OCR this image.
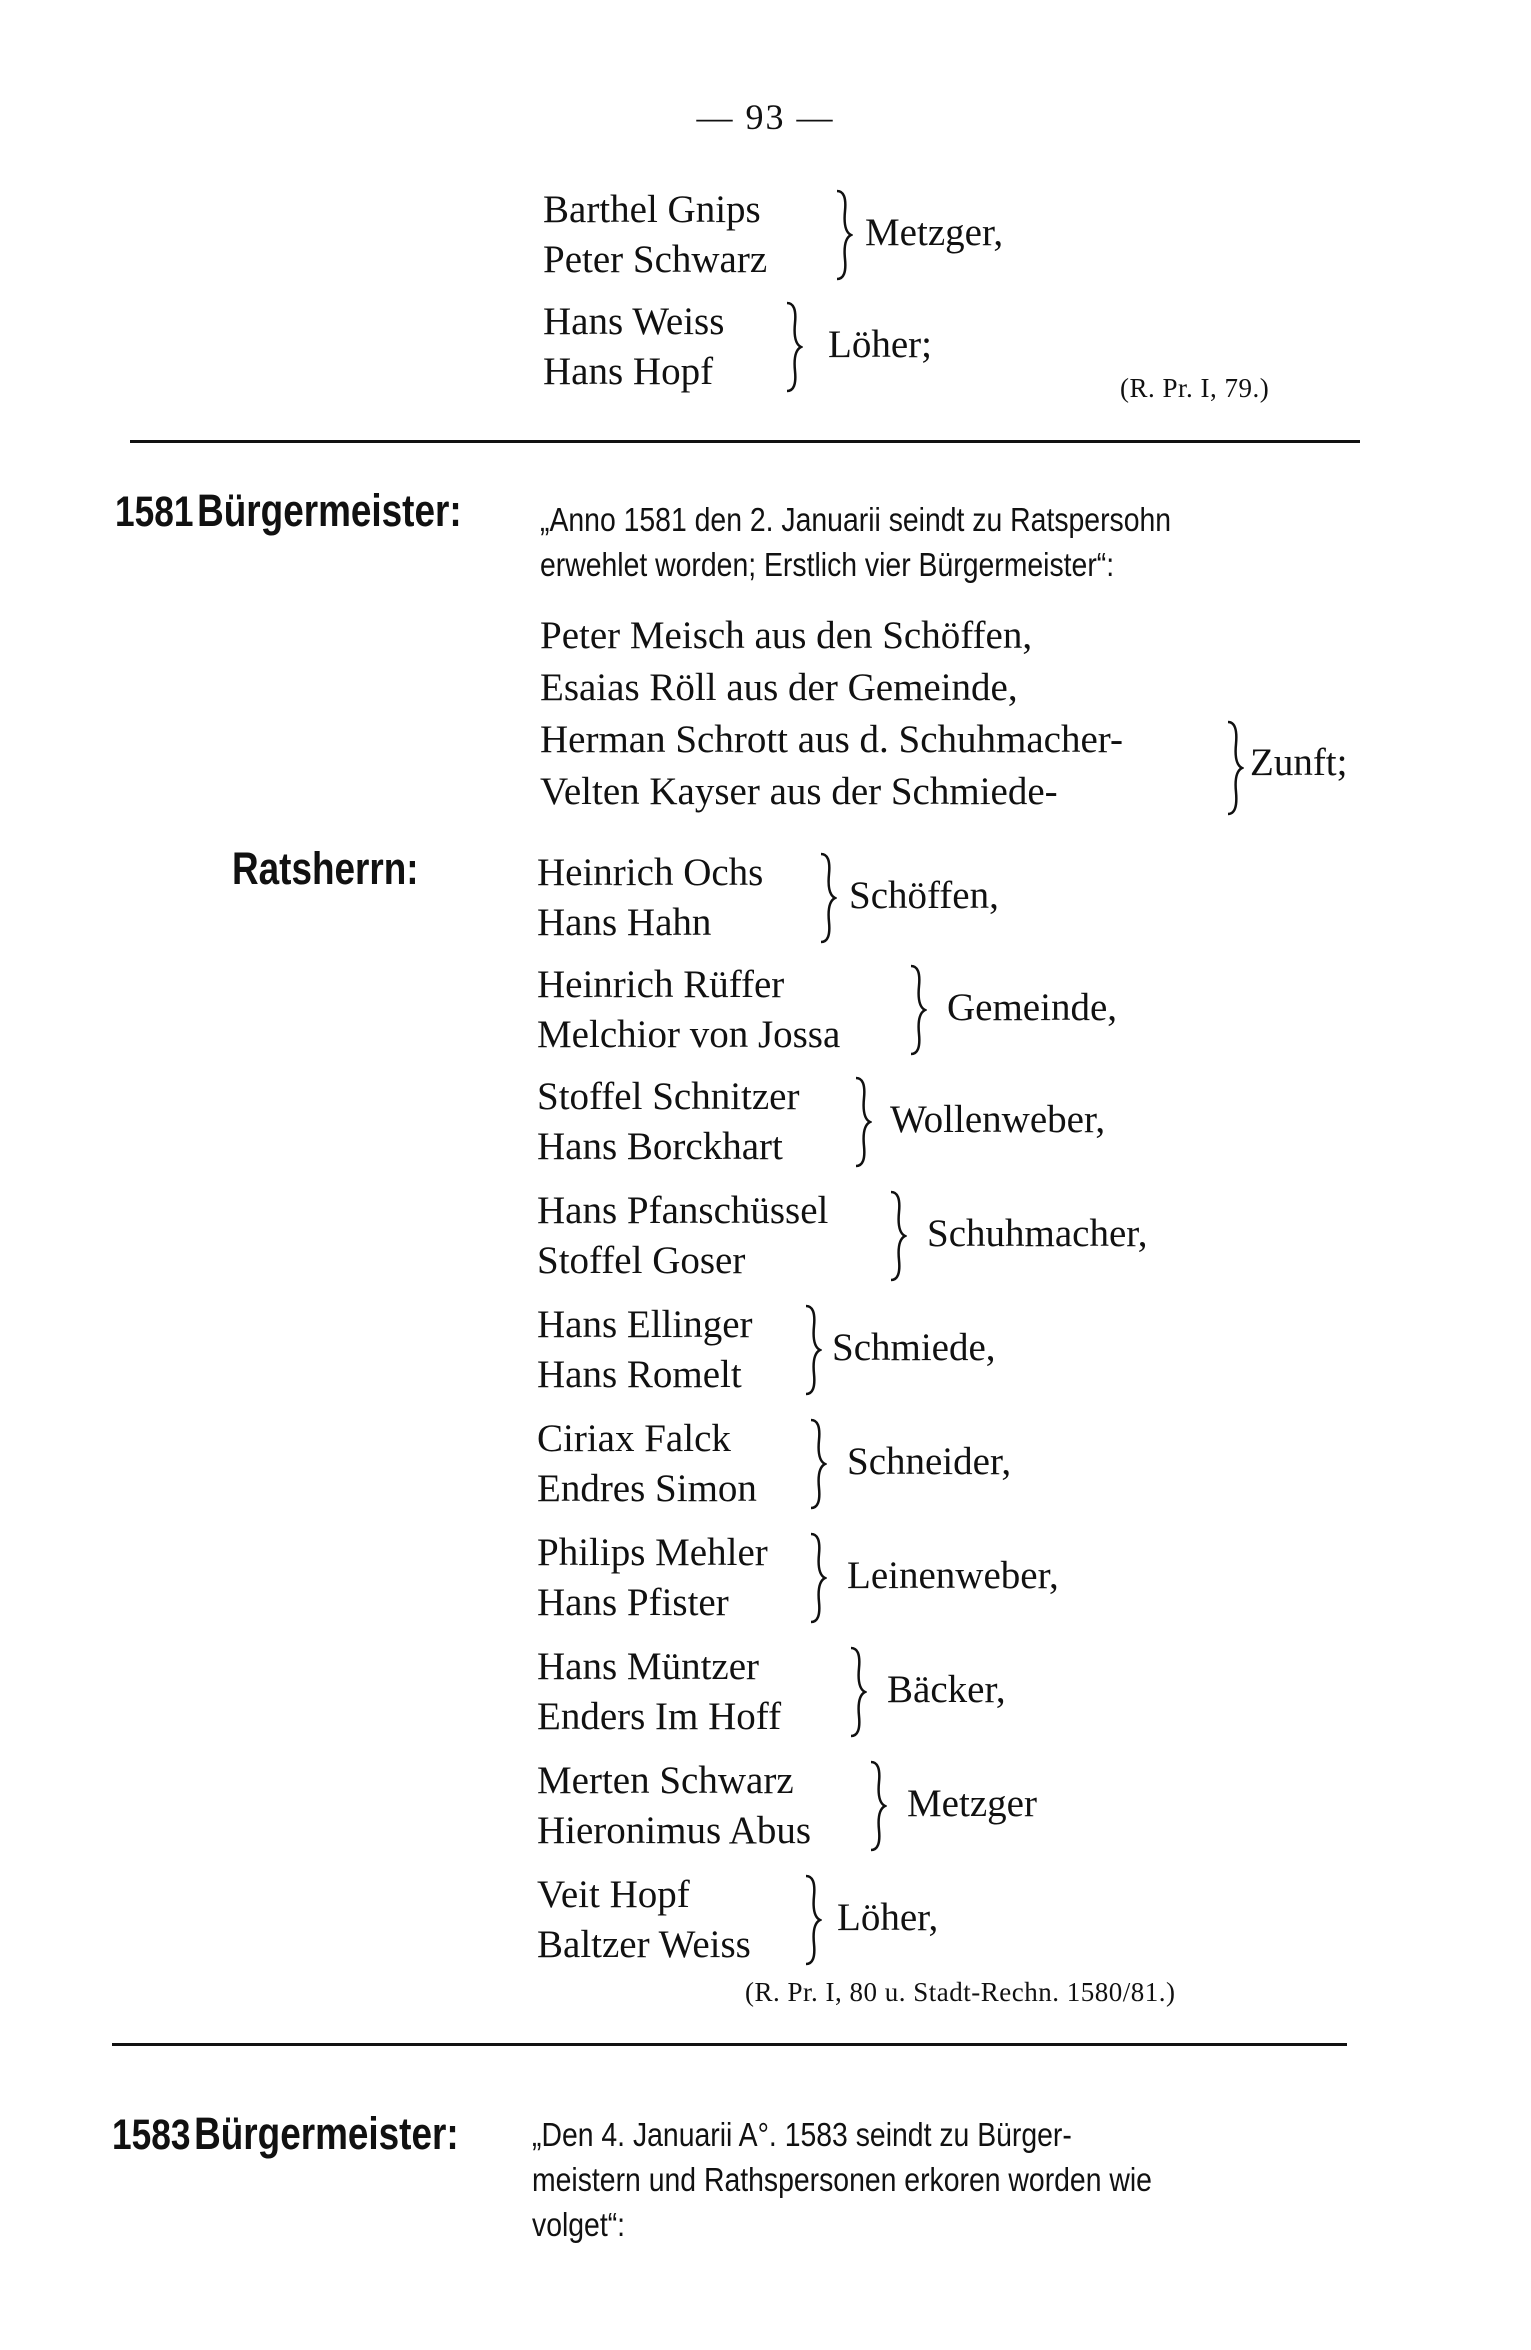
— 93 —
Barthel Gnips
Peter Schwarz
Metzger,
Hans Weiss
Hans Hopf
Löher;
(R. Pr. I, 79.)
1581 Bürgermeister: „Anno 1581 den 2. Januarii seindt zu Ratspersohn
erwehlet worden; Erstlich vier Bürgermeister“:
Peter Meisch aus den Schöffen,
Esaias Röll aus der Gemeinde,
Herman Schrott aus d. Schuhmacher-
Velten Kayser aus der Schmiede-
Zunft;
Ratsherrn:	Heinrich Ochs
Hans Hahn
Schöffen,
Heinrich Rüffer
Melchior von Jossa
Gemeinde,
Stoffel Schnitzer
Hans Borckhart
Wollenweber,
Hans Pfanschüssel
Stoffel Goser
Schuhmacher,
Hans Ellinger
Hans Romelt
Schmiede,
Ciriax Falck
Endres Simon
Schneider,
Philips Mehler
Hans Pfister
Leinenweber,
Hans Müntzer
Enders Im Hoff
Bäcker,
Merten Schwarz
Hieronimus Abus
Metzger
Veit Hopf
Baltzer Weiss
Löher,
(R. Pr. I, 80 u. Stadt-Rechn. 1580/81.)
1583 Bürgermeister: „Den 4. Januarii A°. 1583 seindt zu Bürger-
meistern und Rathspersonen erkoren worden wie
volget“:
